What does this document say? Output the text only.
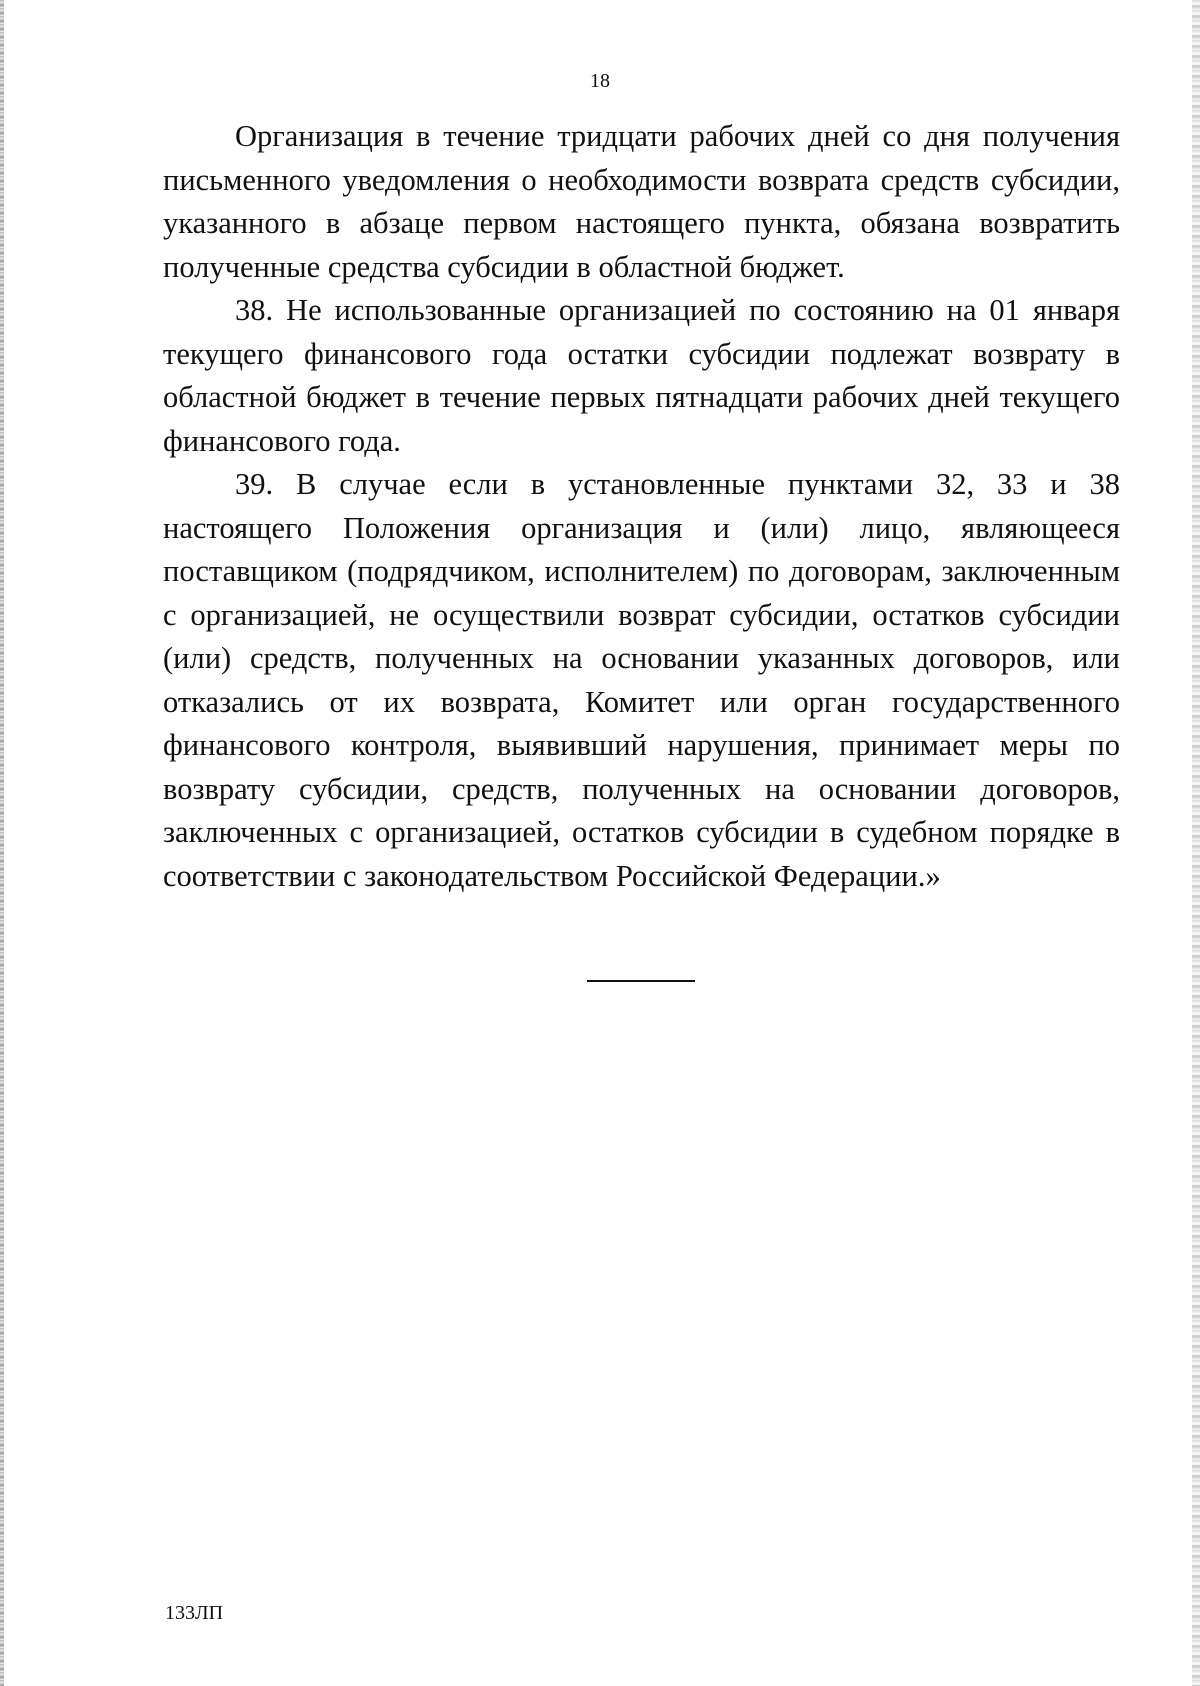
18

Организация в течение тридцати рабочих дней со дня получения письменного уведомления о необходимости возврата средств субсидии, указанного в абзаце первом настоящего пункта, обязана возвратить полученные средства субсидии в областной бюджет.

38. Не использованные организацией по состоянию на 01 января текущего финансового года остатки субсидии подлежат возврату в областной бюджет в течение первых пятнадцати рабочих дней текущего финансового года.

39. В случае если в установленные пунктами 32, 33 и 38 настоящего Положения организация и (или) лицо, являющееся поставщиком (подрядчиком, исполнителем) по договорам, заключенным с организацией, не осуществили возврат субсидии, остатков субсидии (или) средств, полученных на основании указанных договоров, или отказались от их возврата, Комитет или орган государственного финансового контроля, выявивший нарушения, принимает меры по возврату субсидии, средств, полученных на основании договоров, заключенных с организацией, остатков субсидии в судебном порядке в соответствии с законодательством Российской Федерации.»

133ЛП
